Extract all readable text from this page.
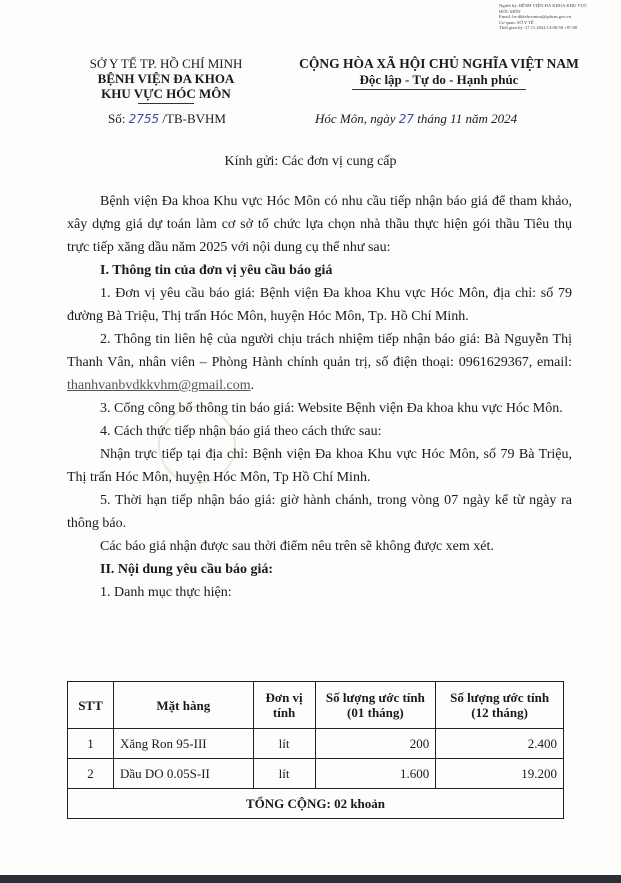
Người ký: BỆNH VIỆN ĐA KHOA KHU VỰC
HÓC MÔN
Email: bv.dkkvhocmon@tphcm.gov.vn
Cơ quan: SỞ Y TẾ
Thời gian ký: 27.11.2024 14:08:58 +07:00
SỞ Y TẾ TP. HỒ CHÍ MINH
BỆNH VIỆN ĐA KHOA
KHU VỰC HÓC MÔN
CỘNG HÒA XÃ HỘI CHỦ NGHĨA VIỆT NAM
Độc lập - Tự do - Hạnh phúc
Số: 2755 /TB-BVHM	Hóc Môn, ngày 27 tháng 11 năm 2024
Kính gửi: Các đơn vị cung cấp

Bệnh viện Đa khoa Khu vực Hóc Môn có nhu cầu tiếp nhận báo giá để tham khảo, xây dựng giá dự toán làm cơ sở tổ chức lựa chọn nhà thầu thực hiện gói thầu Tiêu thụ trực tiếp xăng dầu năm 2025 với nội dung cụ thể như sau:

I. Thông tin của đơn vị yêu cầu báo giá

1. Đơn vị yêu cầu báo giá: Bệnh viện Đa khoa Khu vực Hóc Môn, địa chỉ: số 79 đường Bà Triệu, Thị trấn Hóc Môn, huyện Hóc Môn, Tp. Hồ Chí Minh.

2. Thông tin liên hệ của người chịu trách nhiệm tiếp nhận báo giá: Bà Nguyễn Thị Thanh Vân, nhân viên – Phòng Hành chính quản trị, số điện thoại: 0961629367, email: thanhvanbvdkkvhm@gmail.com.

3. Cổng công bố thông tin báo giá: Website Bệnh viện Đa khoa khu vực Hóc Môn.

4. Cách thức tiếp nhận báo giá theo cách thức sau:

Nhận trực tiếp tại địa chỉ: Bệnh viện Đa khoa Khu vực Hóc Môn, số 79 Bà Triệu, Thị trấn Hóc Môn, huyện Hóc Môn, Tp Hồ Chí Minh.

5. Thời hạn tiếp nhận báo giá: giờ hành chánh, trong vòng 07 ngày kể từ ngày ra thông báo.

Các báo giá nhận được sau thời điểm nêu trên sẽ không được xem xét.

II. Nội dung yêu cầu báo giá:

1. Danh mục thực hiện:

STT	Mặt hàng	Đơn vị tính	Số lượng ước tính (01 tháng)	Số lượng ước tính (12 tháng)
1	Xăng Ron 95-III	lít	200	2.400
2	Dầu DO 0.05S-II	lít	1.600	19.200
TỔNG CỘNG: 02 khoản				
